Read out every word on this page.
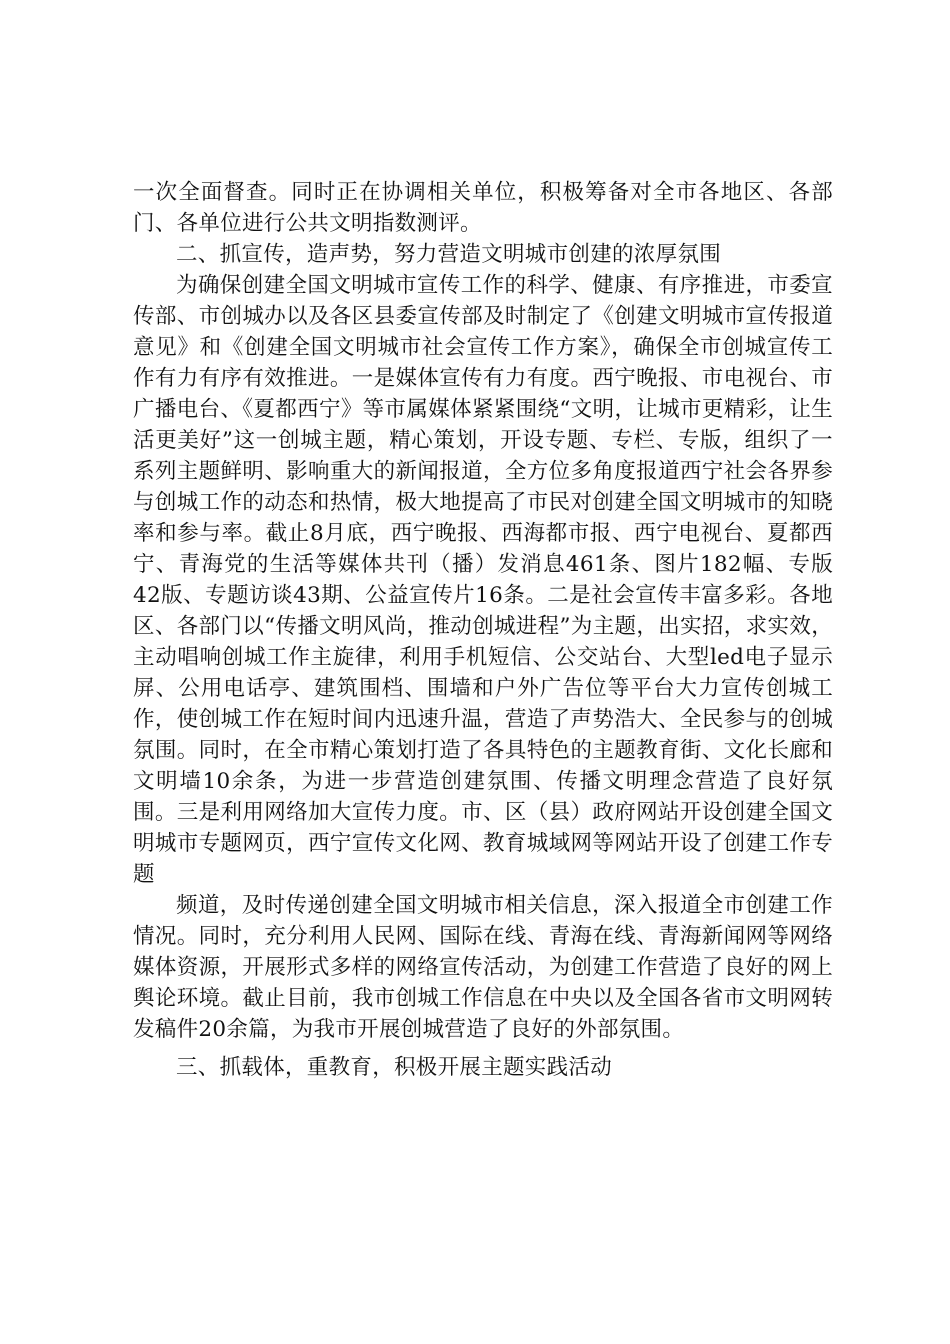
一次全面督查。同时正在协调相关单位，积极筹备对全市各地区、各部门、各单位进行公共文明指数测评。

二、抓宣传，造声势，努力营造文明城市创建的浓厚氛围

为确保创建全国文明城市宣传工作的科学、健康、有序推进，市委宣传部、市创城办以及各区县委宣传部及时制定了《创建文明城市宣传报道意见》和《创建全国文明城市社会宣传工作方案》，确保全市创城宣传工作有力有序有效推进。一是媒体宣传有力有度。西宁晚报、市电视台、市广播电台、《夏都西宁》等市属媒体紧紧围绕“文明，让城市更精彩，让生活更美好”这一创城主题，精心策划，开设专题、专栏、专版，组织了一系列主题鲜明、影响重大的新闻报道，全方位多角度报道西宁社会各界参与创城工作的动态和热情，极大地提高了市民对创建全国文明城市的知晓率和参与率。截止8月底，西宁晚报、西海都市报、西宁电视台、夏都西宁、青海党的生活等媒体共刊（播）发消息461条、图片182幅、专版42版、专题访谈43期、公益宣传片16条。二是社会宣传丰富多彩。各地区、各部门以“传播文明风尚，推动创城进程”为主题，出实招，求实效，主动唱响创城工作主旋律，利用手机短信、公交站台、大型led电子显示屏、公用电话亭、建筑围档、围墙和户外广告位等平台大力宣传创城工作，使创城工作在短时间内迅速升温，营造了声势浩大、全民参与的创城氛围。同时，在全市精心策划打造了各具特色的主题教育街、文化长廊和文明墙10余条，为进一步营造创建氛围、传播文明理念营造了良好氛围。三是利用网络加大宣传力度。市、区（县）政府网站开设创建全国文明城市专题网页，西宁宣传文化网、教育城域网等网站开设了创建工作专题

频道，及时传递创建全国文明城市相关信息，深入报道全市创建工作情况。同时，充分利用人民网、国际在线、青海在线、青海新闻网等网络媒体资源，开展形式多样的网络宣传活动，为创建工作营造了良好的网上舆论环境。截止目前，我市创城工作信息在中央以及全国各省市文明网转发稿件20余篇，为我市开展创城营造了良好的外部氛围。

三、抓载体，重教育，积极开展主题实践活动
